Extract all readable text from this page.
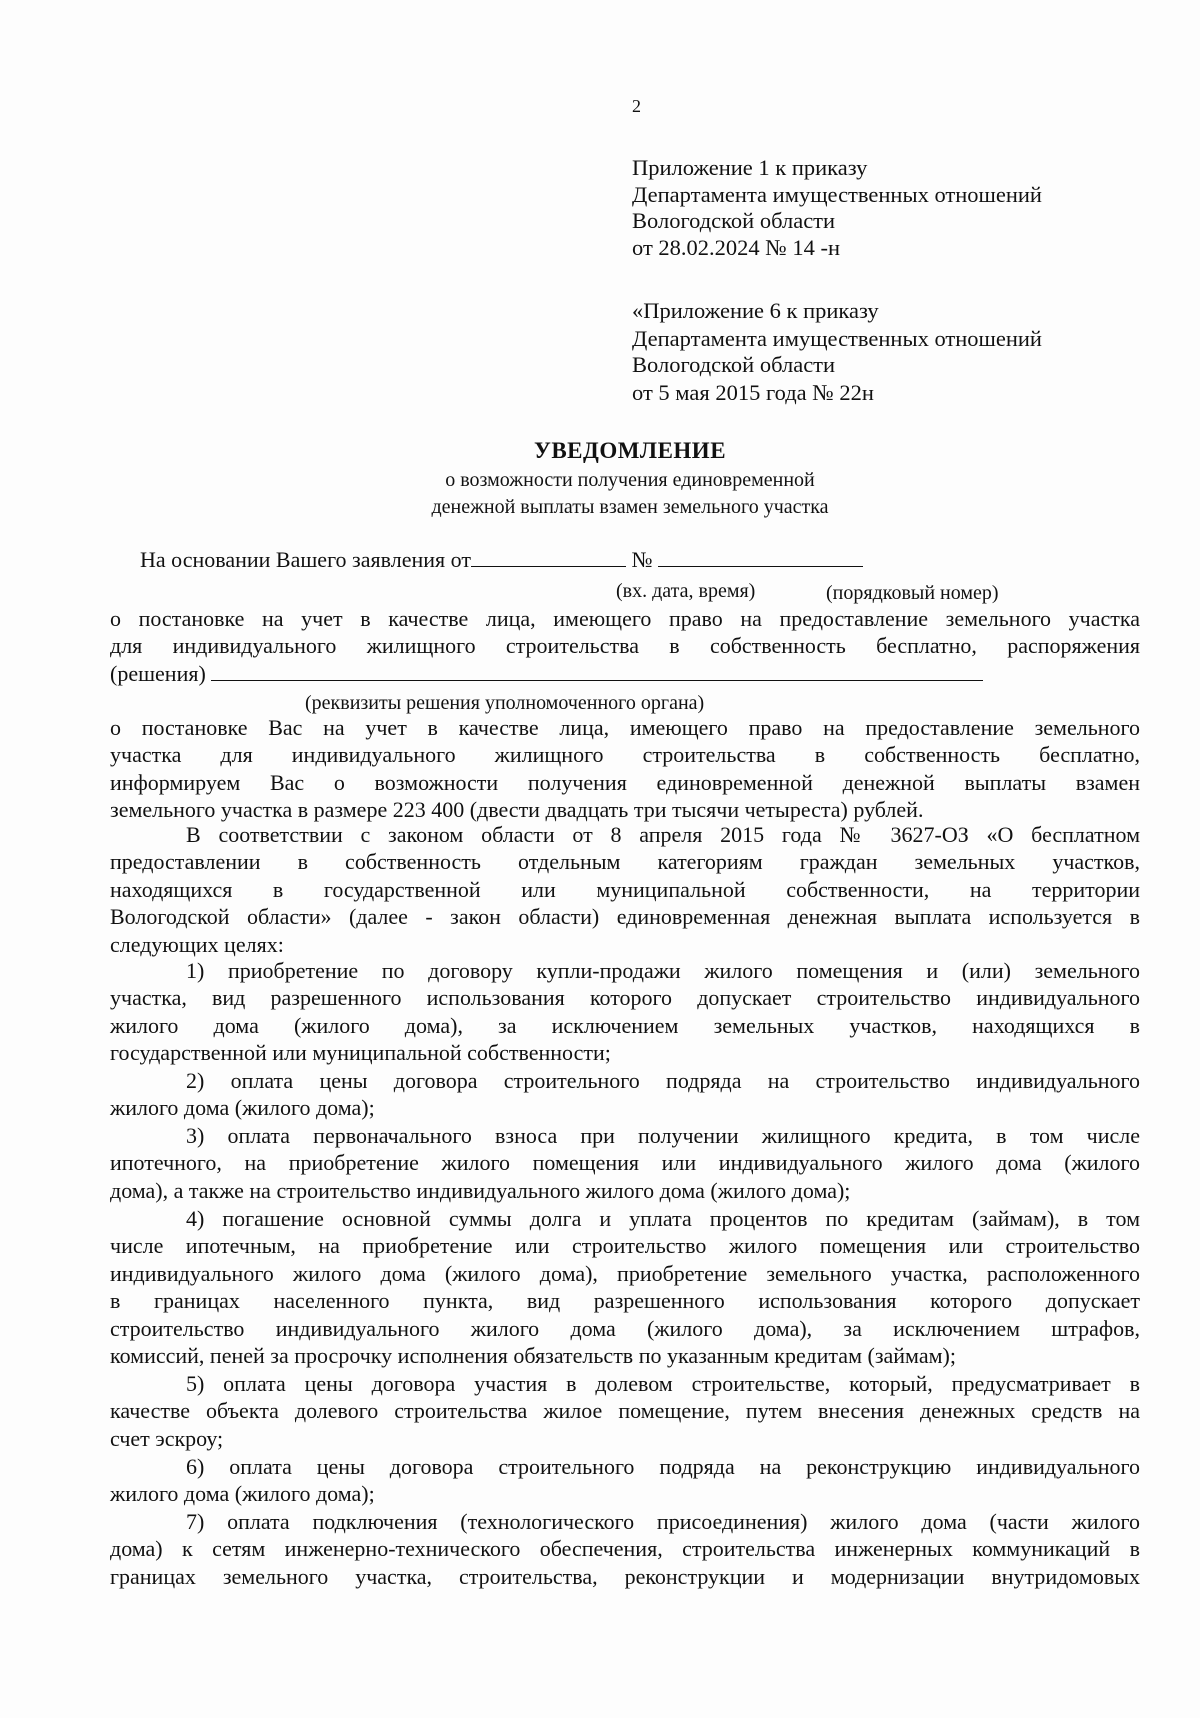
2
Приложение 1 к приказу
Департамента имущественных отношений
Вологодской области
от 28.02.2024 № 14 -н
«Приложение 6 к приказу
Департамента имущественных отношений
Вологодской области
от 5 мая 2015 года № 22н
УВЕДОМЛЕНИЕ
о возможности получения единовременной
денежной выплаты взамен земельного участка
На основании Вашего заявления от	№
(вх. дата, время)	(порядковый номер)
о постановке на учет в качестве лица, имеющего право на предоставление земельного участка
для индивидуального жилищного строительства в собственность бесплатно, распоряжения
(решения)
(реквизиты решения уполномоченного органа)
о постановке Вас на учет в качестве лица, имеющего право на предоставление земельного
участка для индивидуального жилищного строительства в собственность бесплатно,
информируем Вас о возможности получения единовременной денежной выплаты взамен
земельного участка в размере 223 400 (двести двадцать три тысячи четыреста) рублей.
В соответствии с законом области от 8 апреля 2015 года № 3627-ОЗ «О бесплатном
предоставлении в собственность отдельным категориям граждан земельных участков,
находящихся в государственной или муниципальной собственности, на территории
Вологодской области» (далее - закон области) единовременная денежная выплата используется в
следующих целях:
1) приобретение по договору купли-продажи жилого помещения и (или) земельного
участка, вид разрешенного использования которого допускает строительство индивидуального
жилого дома (жилого дома), за исключением земельных участков, находящихся в
государственной или муниципальной собственности;
2) оплата цены договора строительного подряда на строительство индивидуального
жилого дома (жилого дома);
3) оплата первоначального взноса при получении жилищного кредита, в том числе
ипотечного, на приобретение жилого помещения или индивидуального жилого дома (жилого
дома), а также на строительство индивидуального жилого дома (жилого дома);
4) погашение основной суммы долга и уплата процентов по кредитам (займам), в том
числе ипотечным, на приобретение или строительство жилого помещения или строительство
индивидуального жилого дома (жилого дома), приобретение земельного участка, расположенного
в границах населенного пункта, вид разрешенного использования которого допускает
строительство индивидуального жилого дома (жилого дома), за исключением штрафов,
комиссий, пеней за просрочку исполнения обязательств по указанным кредитам (займам);
5) оплата цены договора участия в долевом строительстве, который, предусматривает в
качестве объекта долевого строительства жилое помещение, путем внесения денежных средств на
счет эскроу;
6) оплата цены договора строительного подряда на реконструкцию индивидуального
жилого дома (жилого дома);
7) оплата подключения (технологического присоединения) жилого дома (части жилого
дома) к сетям инженерно-технического обеспечения, строительства инженерных коммуникаций в
границах земельного участка, строительства, реконструкции и модернизации внутридомовых
